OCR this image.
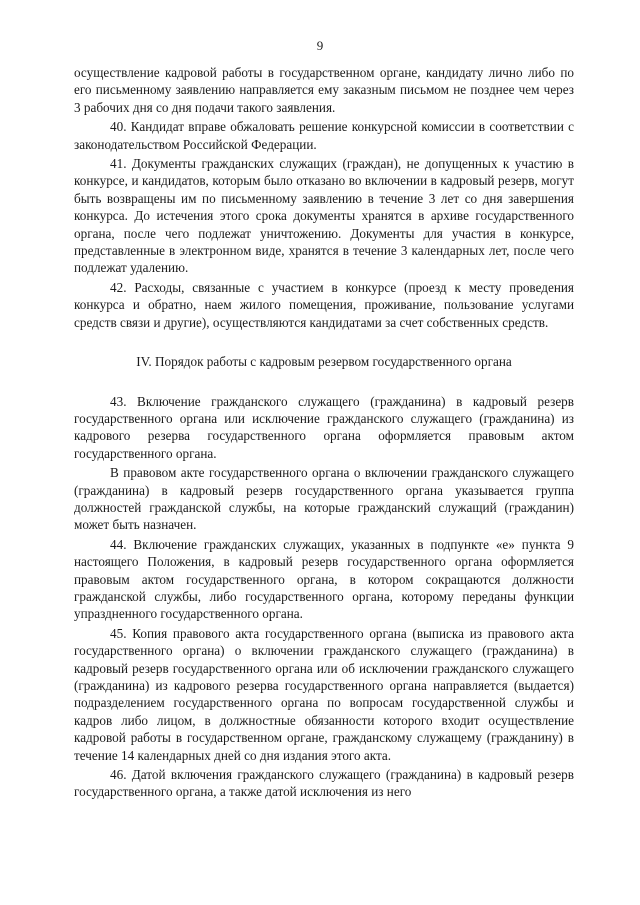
9

осуществление кадровой работы в государственном органе, кандидату лично либо по его письменному заявлению направляется ему заказным письмом не позднее чем через 3 рабочих дня со дня подачи такого заявления.

40. Кандидат вправе обжаловать решение конкурсной комиссии в соответствии с законодательством Российской Федерации.

41. Документы гражданских служащих (граждан), не допущенных к участию в конкурсе, и кандидатов, которым было отказано во включении в кадровый резерв, могут быть возвращены им по письменному заявлению в течение 3 лет со дня завершения конкурса. До истечения этого срока документы хранятся в архиве государственного органа, после чего подлежат уничтожению. Документы для участия в конкурсе, представленные в электронном виде, хранятся в течение 3 календарных лет, после чего подлежат удалению.

42. Расходы, связанные с участием в конкурсе (проезд к месту проведения конкурса и обратно, наем жилого помещения, проживание, пользование услугами средств связи и другие), осуществляются кандидатами за счет собственных средств.

IV. Порядок работы с кадровым резервом государственного органа

43. Включение гражданского служащего (гражданина) в кадровый резерв государственного органа или исключение гражданского служащего (гражданина) из кадрового резерва государственного органа оформляется правовым актом государственного органа.

В правовом акте государственного органа о включении гражданского служащего (гражданина) в кадровый резерв государственного органа указывается группа должностей гражданской службы, на которые гражданский служащий (гражданин) может быть назначен.

44. Включение гражданских служащих, указанных в подпункте «е» пункта 9 настоящего Положения, в кадровый резерв государственного органа оформляется правовым актом государственного органа, в котором сокращаются должности гражданской службы, либо государственного органа, которому переданы функции упраздненного государственного органа.

45. Копия правового акта государственного органа (выписка из правового акта государственного органа) о включении гражданского служащего (гражданина) в кадровый резерв государственного органа или об исключении гражданского служащего (гражданина) из кадрового резерва государственного органа направляется (выдается) подразделением государственного органа по вопросам государственной службы и кадров либо лицом, в должностные обязанности которого входит осуществление кадровой работы в государственном органе, гражданскому служащему (гражданину) в течение 14 календарных дней со дня издания этого акта.

46. Датой включения гражданского служащего (гражданина) в кадровый резерв государственного органа, а также датой исключения из него
